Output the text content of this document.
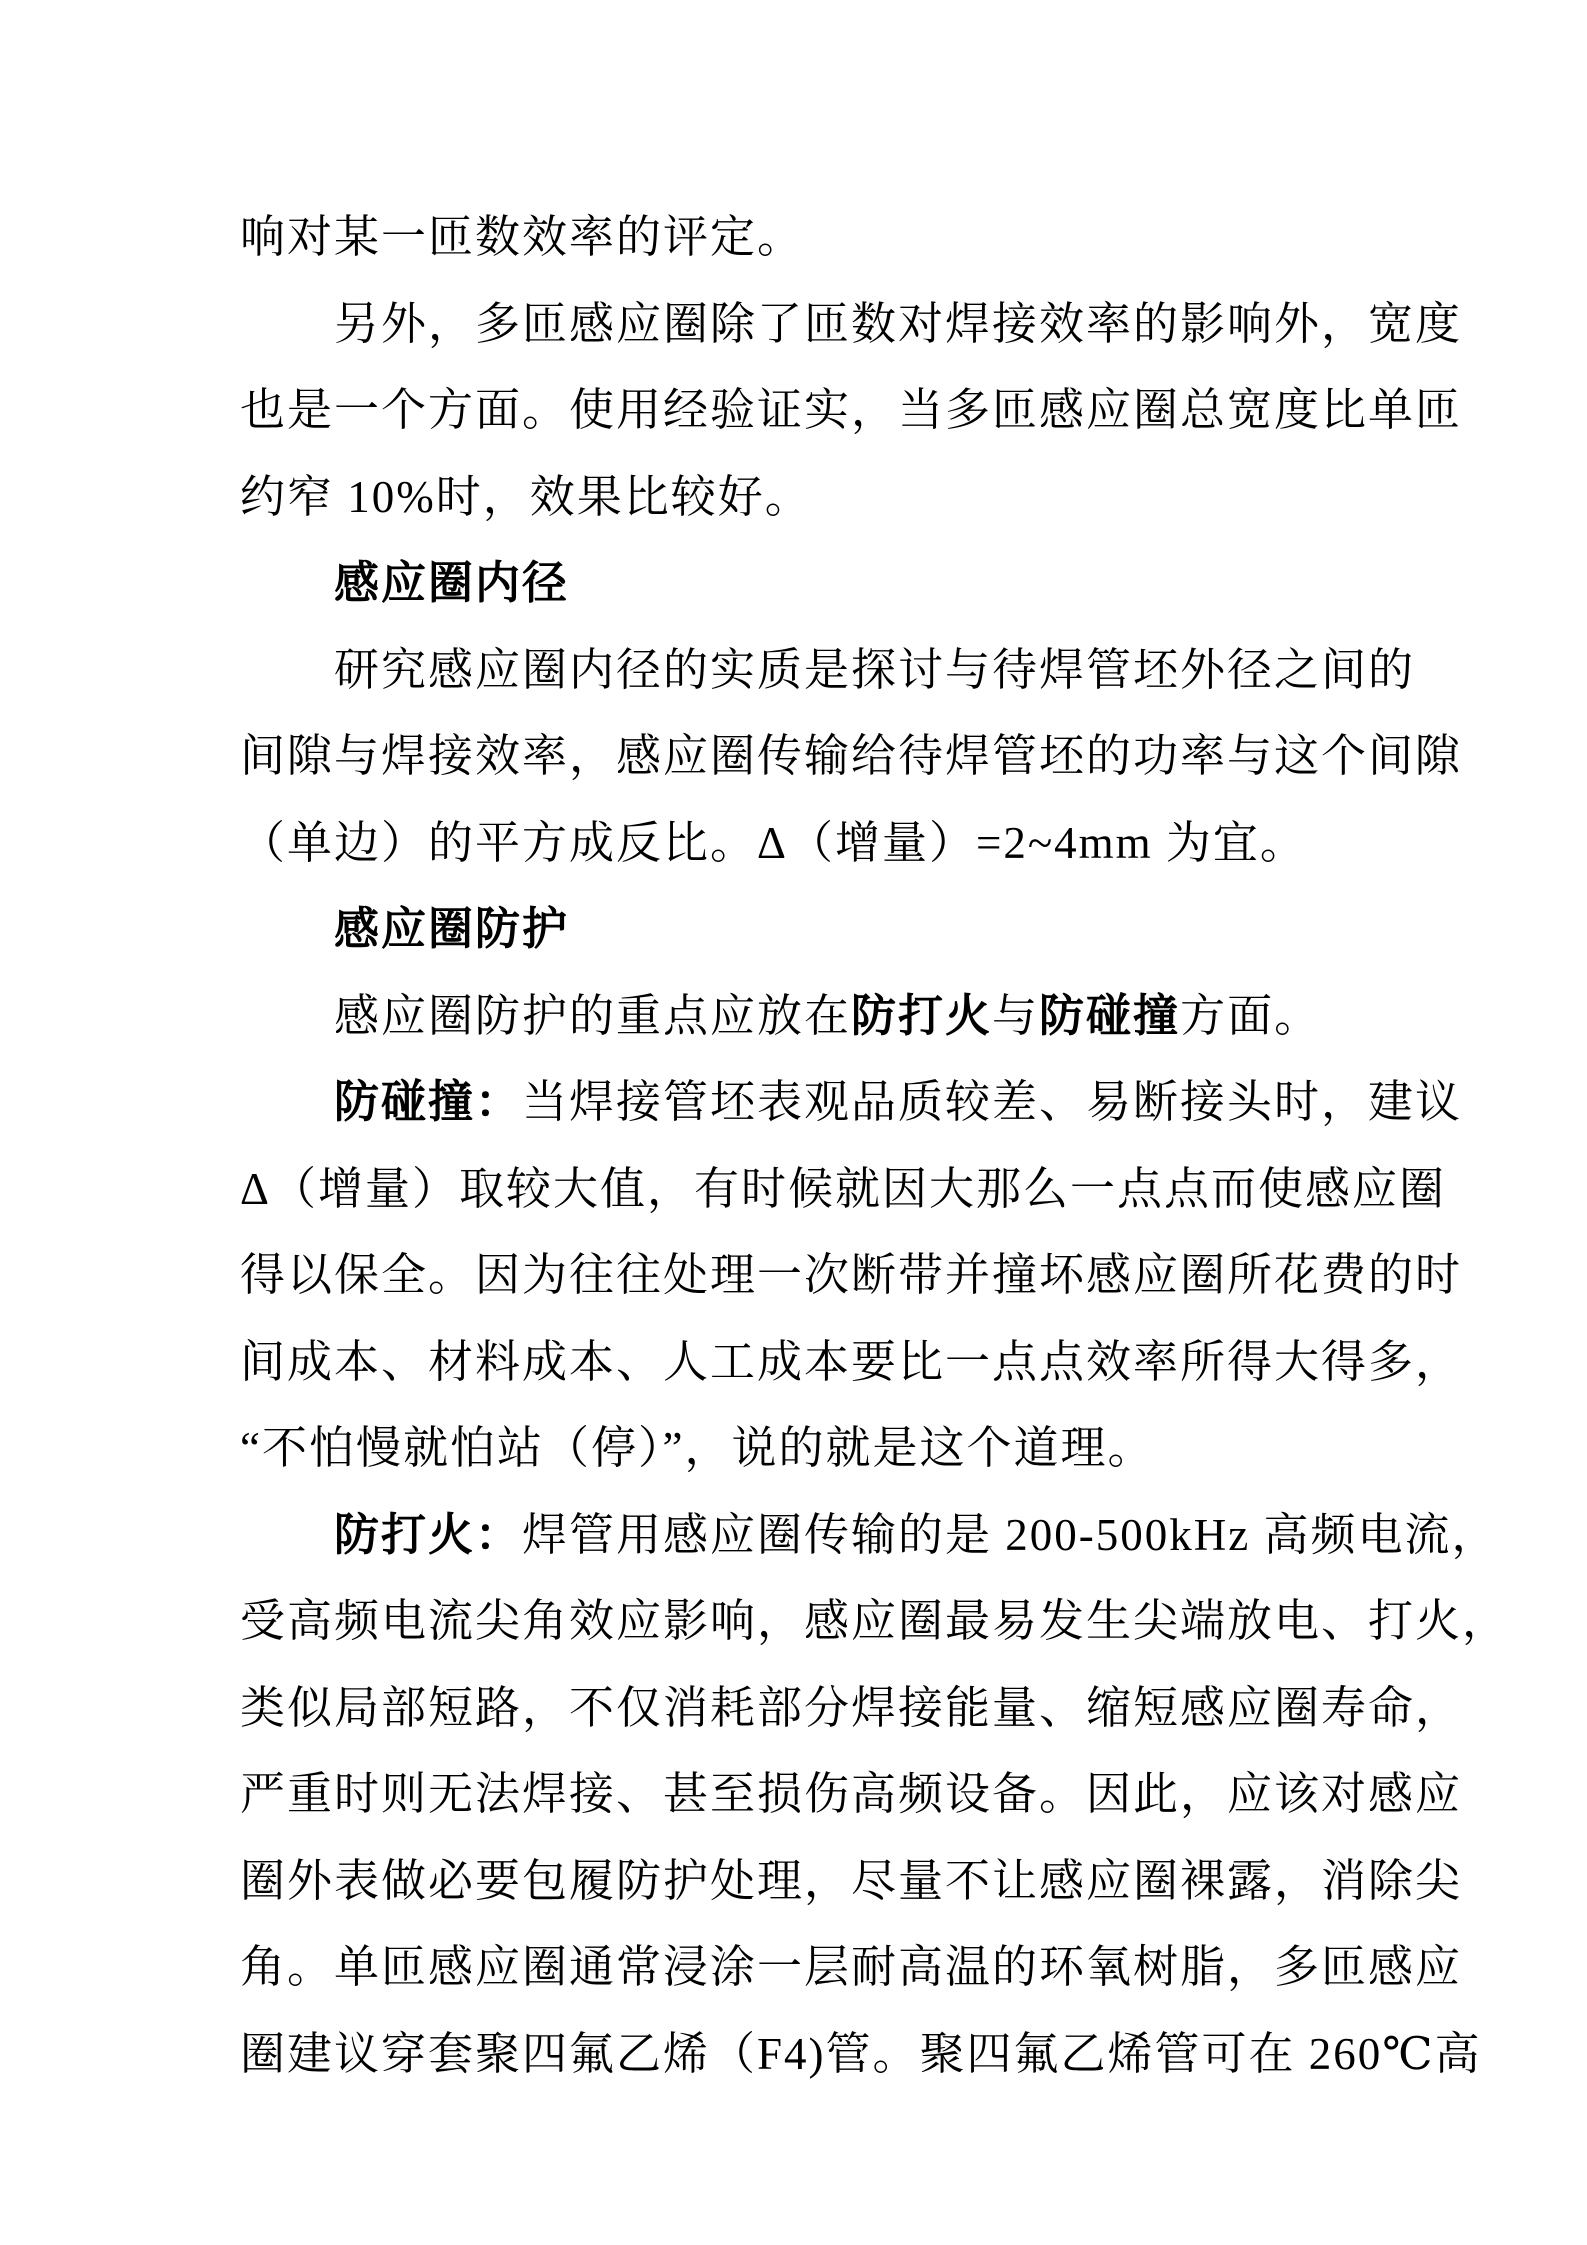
响对某一匝数效率的评定。
另外，多匝感应圈除了匝数对焊接效率的影响外，宽度
也是一个方面。使用经验证实，当多匝感应圈总宽度比单匝
约窄 10%时，效果比较好。
感应圈内径
研究感应圈内径的实质是探讨与待焊管坯外径之间的
间隙与焊接效率，感应圈传输给待焊管坯的功率与这个间隙
（单边）的平方成反比。Δ（增量）=2~4mm 为宜。
感应圈防护
感应圈防护的重点应放在防打火与防碰撞方面。
防碰撞：当焊接管坯表观品质较差、易断接头时，建议
Δ（增量）取较大值，有时候就因大那么一点点而使感应圈
得以保全。因为往往处理一次断带并撞坏感应圈所花费的时
间成本、材料成本、人工成本要比一点点效率所得大得多，
“不怕慢就怕站（停）”，说的就是这个道理。
防打火：焊管用感应圈传输的是 200-500kHz 高频电流，
受高频电流尖角效应影响，感应圈最易发生尖端放电、打火，
类似局部短路，不仅消耗部分焊接能量、缩短感应圈寿命，
严重时则无法焊接、甚至损伤高频设备。因此，应该对感应
圈外表做必要包履防护处理，尽量不让感应圈裸露，消除尖
角。单匝感应圈通常浸涂一层耐高温的环氧树脂，多匝感应
圈建议穿套聚四氟乙烯（F4)管。聚四氟乙烯管可在 260℃高
